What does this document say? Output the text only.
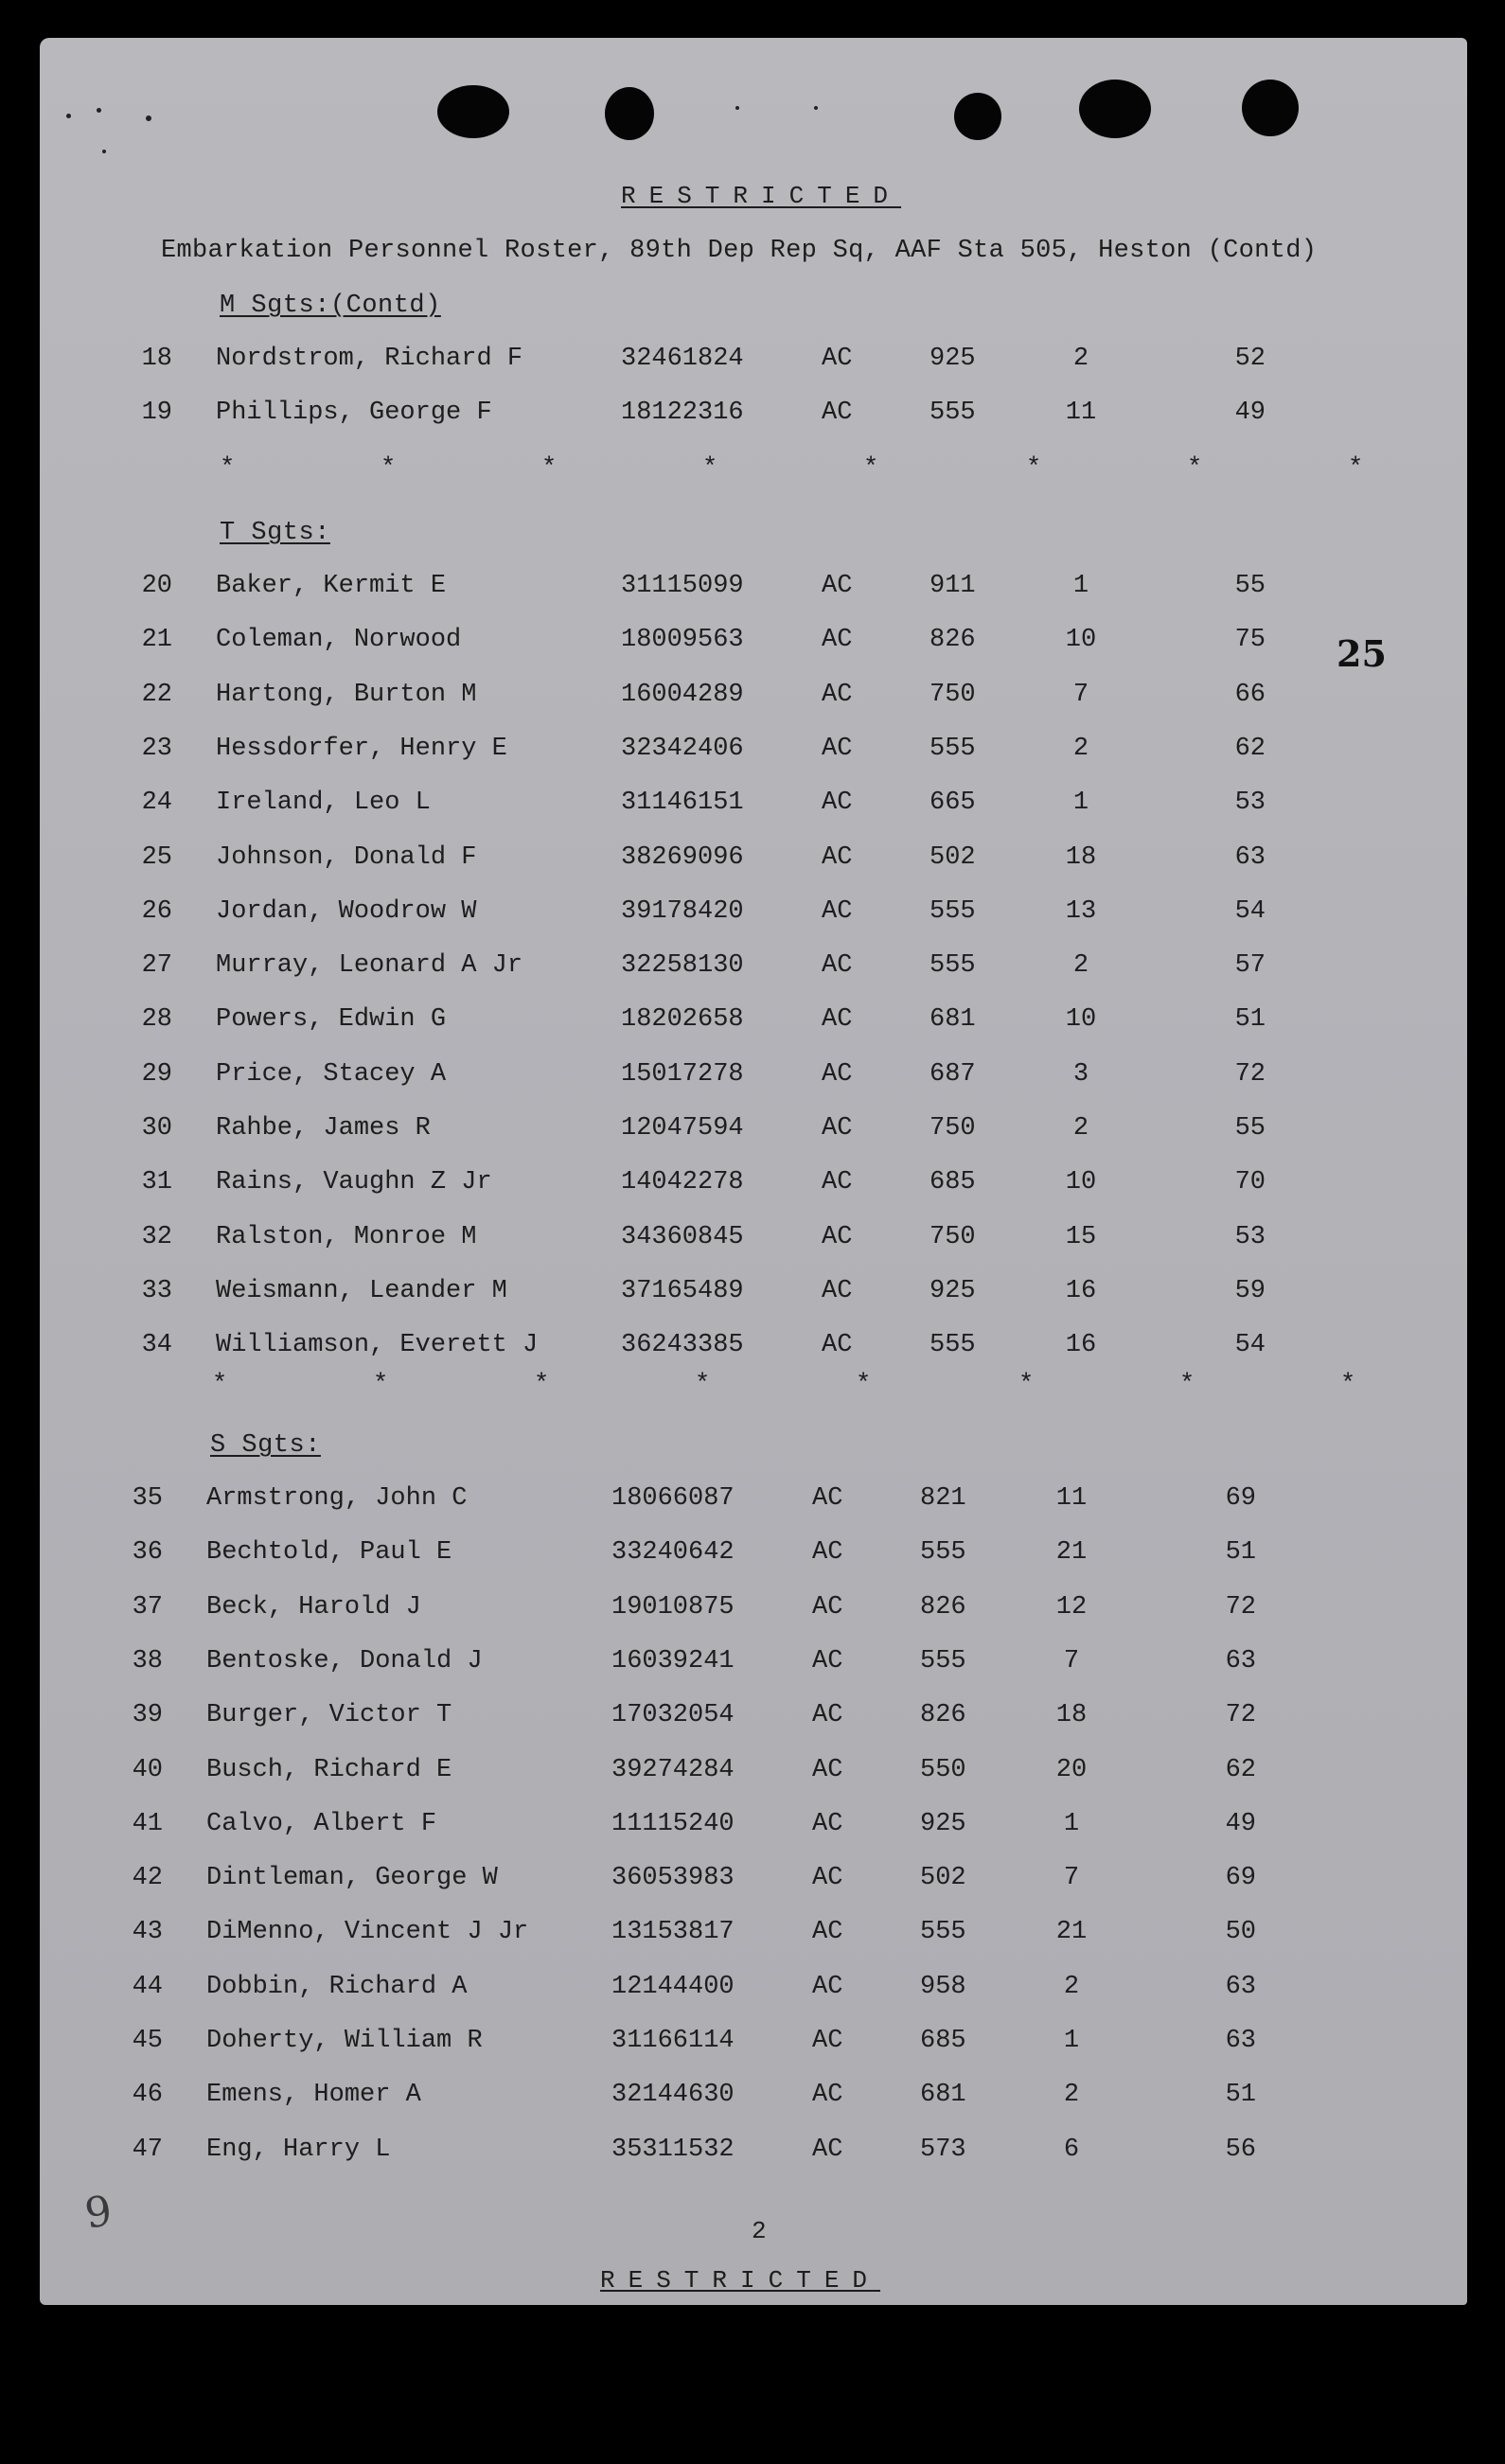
RESTRICTED
Embarkation Personnel Roster, 89th Dep Rep Sq, AAF Sta 505, Heston (Contd)
25
M Sgts:(Contd)
18 Nordstrom, Richard F	32461824	AC	925	2	52
19 Phillips, George F	18122316	AC	555	11	49
T Sgts:
20 Baker, Kermit E	31115099	AC	911	1	55
21 Coleman, Norwood	18009563	AC	826	10	75
22 Hartong, Burton M	16004289	AC	750	7	66
23 Hessdorfer, Henry E	32342406	AC	555	2	62
24 Ireland, Leo L	31146151	AC	665	1	53
25 Johnson, Donald F	38269096	AC	502	18	63
26 Jordan, Woodrow W	39178420	AC	555	13	54
27 Murray, Leonard A Jr	32258130	AC	555	2	57
28 Powers, Edwin G	18202658	AC	681	10	51
29 Price, Stacey A	15017278	AC	687	3	72
30 Rahbe, James R	12047594	AC	750	2	55
31 Rains, Vaughn Z Jr	14042278	AC	685	10	70
32 Ralston, Monroe M	34360845	AC	750	15	53
33 Weismann, Leander M	37165489	AC	925	16	59
34 Williamson, Everett J	36243385	AC	555	16	54
S Sgts:
35 Armstrong, John C	18066087	AC	821	11	69
36 Bechtold, Paul E	33240642	AC	555	21	51
37 Beck, Harold J	19010875	AC	826	12	72
38 Bentoske, Donald J	16039241	AC	555	7	63
39 Burger, Victor T	17032054	AC	826	18	72
40 Busch, Richard E	39274284	AC	550	20	62
41 Calvo, Albert F	11115240	AC	925	1	49
42 Dintleman, George W	36053983	AC	502	7	69
43 DiMenno, Vincent J Jr	13153817	AC	555	21	50
44 Dobbin, Richard A	12144400	AC	958	2	63
45 Doherty, William R	31166114	AC	685	1	63
46 Emens, Homer A	32144630	AC	681	2	51
47 Eng, Harry L	35311532	AC	573	6	56
*	*	*	*	*	*	*	*
*	*	*	*	*	*	*	*
2
9
RESTRICTED
